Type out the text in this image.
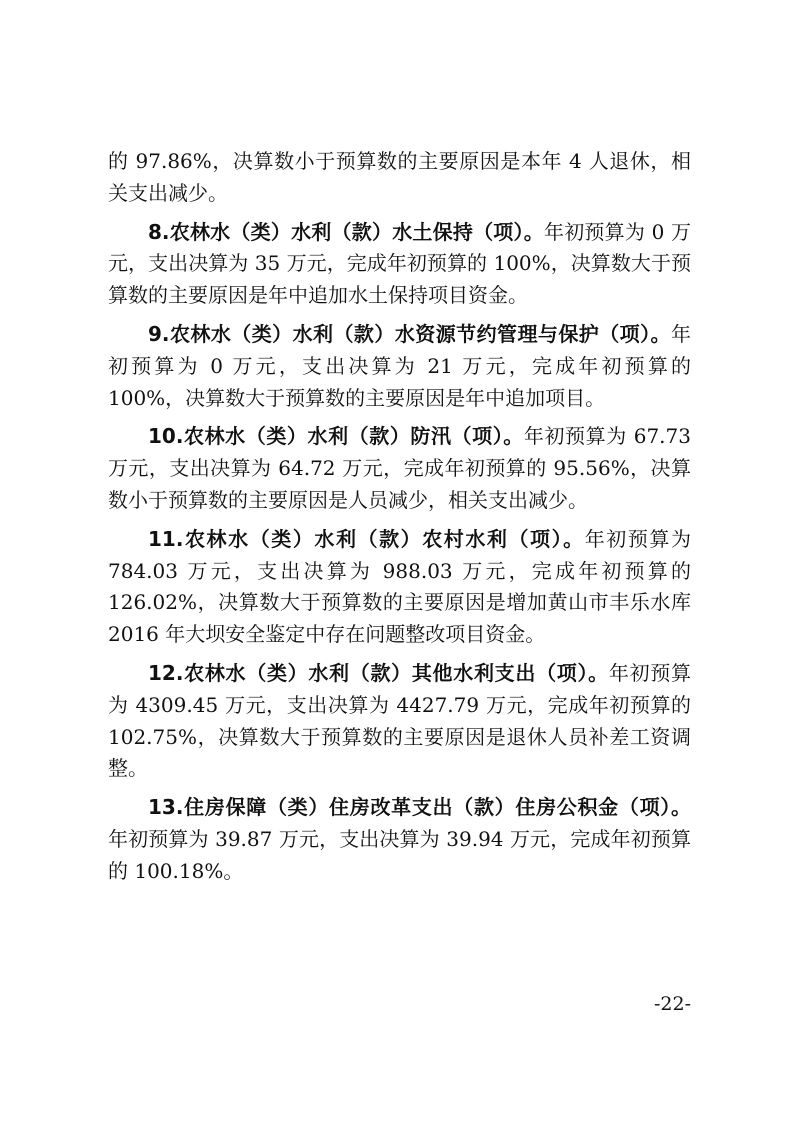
的 97.86%，决算数小于预算数的主要原因是本年 4 人退休，相关支出减少。

8.农林水（类）水利（款）水土保持（项）。年初预算为 0 万元，支出决算为 35 万元，完成年初预算的 100%，决算数大于预算数的主要原因是年中追加水土保持项目资金。

9.农林水（类）水利（款）水资源节约管理与保护（项）。年初预算为 0 万元，支出决算为 21 万元，完成年初预算的 100%，决算数大于预算数的主要原因是年中追加项目。

10.农林水（类）水利（款）防汛（项）。年初预算为 67.73 万元，支出决算为 64.72 万元，完成年初预算的 95.56%，决算数小于预算数的主要原因是人员减少，相关支出减少。

11.农林水（类）水利（款）农村水利（项）。年初预算为 784.03 万元，支出决算为 988.03 万元，完成年初预算的 126.02%，决算数大于预算数的主要原因是增加黄山市丰乐水库 2016 年大坝安全鉴定中存在问题整改项目资金。

12.农林水（类）水利（款）其他水利支出（项）。年初预算为 4309.45 万元，支出决算为 4427.79 万元，完成年初预算的 102.75%，决算数大于预算数的主要原因是退休人员补差工资调整。

13.住房保障（类）住房改革支出（款）住房公积金（项）。年初预算为 39.87 万元，支出决算为 39.94 万元，完成年初预算的 100.18%。

-22-
